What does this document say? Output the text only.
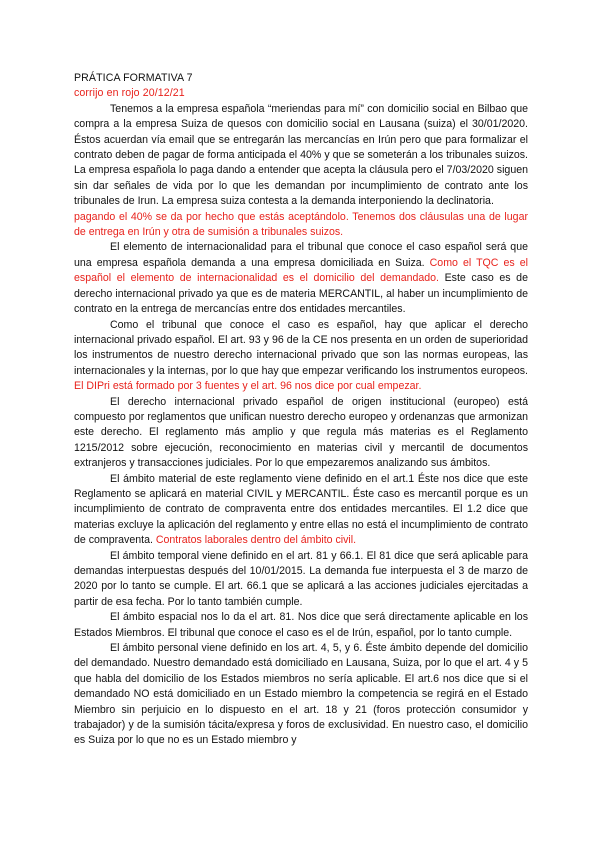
PRÁTICA FORMATIVA 7
corrijo en rojo 20/12/21

Tenemos a la empresa española “meriendas para mí” con domicilio social en Bilbao que compra a la empresa Suiza de quesos con domicilio social en Lausana (suiza) el 30/01/2020. Éstos acuerdan vía email que se entregarán las mercancías en Irún pero que para formalizar el contrato deben de pagar de forma anticipada el 40% y que se someterán a los tribunales suizos. La empresa española lo paga dando a entender que acepta la cláusula pero el 7/03/2020 siguen sin dar señales de vida por lo que les demandan por incumplimiento de contrato ante los tribunales de Irun. La empresa suiza contesta a la demanda interponiendo la declinatoria.

pagando el 40% se da por hecho que estás aceptándolo. Tenemos dos cláusulas una de lugar de entrega en Irún y otra de sumisión a tribunales suizos.

El elemento de internacionalidad para el tribunal que conoce el caso español será que una empresa española demanda a una empresa domiciliada en Suiza. Como el TQC es el español el elemento de internacionalidad es el domicilio del demandado. Este caso es de derecho internacional privado ya que es de materia MERCANTIL, al haber un incumplimiento de contrato en la entrega de mercancías entre dos entidades mercantiles.

Como el tribunal que conoce el caso es español, hay que aplicar el derecho internacional privado español. El art. 93 y 96 de la CE nos presenta en un orden de superioridad los instrumentos de nuestro derecho internacional privado que son las normas europeas, las internacionales y la internas, por lo que hay que empezar verificando los instrumentos europeos. El DIPri está formado por 3 fuentes y el art. 96 nos dice por cual empezar.

El derecho internacional privado español de origen institucional (europeo) está compuesto por reglamentos que unifican nuestro derecho europeo y ordenanzas que armonizan este derecho. El reglamento más amplio y que regula más materias es el Reglamento 1215/2012 sobre ejecución, reconocimiento en materias civil y mercantil de documentos extranjeros y transacciones judiciales. Por lo que empezaremos analizando sus ámbitos.

El ámbito material de este reglamento viene definido en el art.1 Éste nos dice que este Reglamento se aplicará en material CIVIL y MERCANTIL. Éste caso es mercantil porque es un incumplimiento de contrato de compraventa entre dos entidades mercantiles. El 1.2 dice que materias excluye la aplicación del reglamento y entre ellas no está el incumplimiento de contrato de compraventa. Contratos laborales dentro del ámbito civil.

El ámbito temporal viene definido en el art. 81 y 66.1. El 81 dice que será aplicable para demandas interpuestas después del 10/01/2015. La demanda fue interpuesta el 3 de marzo de 2020 por lo tanto se cumple. El art. 66.1 que se aplicará a las acciones judiciales ejercitadas a partir de esa fecha. Por lo tanto también cumple.

El ámbito espacial nos lo da el art. 81. Nos dice que será directamente aplicable en los Estados Miembros. El tribunal que conoce el caso es el de Irún, español, por lo tanto cumple.

El ámbito personal viene definido en los art. 4, 5, y 6. Éste ámbito depende del domicilio del demandado. Nuestro demandado está domiciliado en Lausana, Suiza, por lo que el art. 4 y 5 que habla del domicilio de los Estados miembros no sería aplicable. El art.6 nos dice que si el demandado NO está domiciliado en un Estado miembro la competencia se regirá en el Estado Miembro sin perjuicio en lo dispuesto en el art. 18 y 21 (foros protección consumidor y trabajador) y de la sumisión tácita/expresa y foros de exclusividad. En nuestro caso, el domicilio es Suiza por lo que no es un Estado miembro y
